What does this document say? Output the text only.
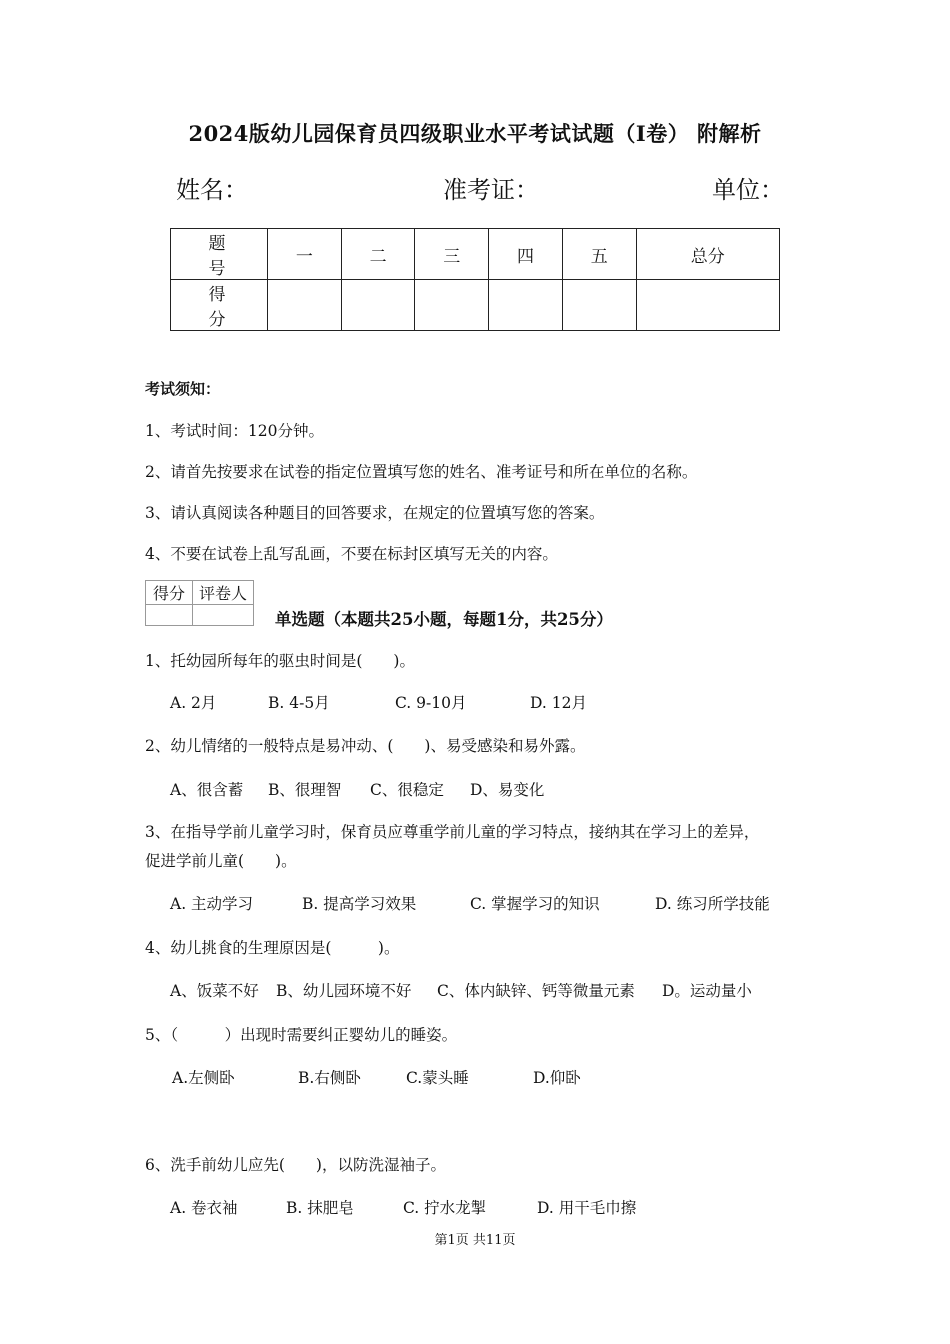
2024版幼儿园保育员四级职业水平考试试题（I卷） 附解析
姓名：	准考证：	单位：
题　号	一	二	三	四	五	总分
得　分						
考试须知：
1、考试时间：120分钟。
2、请首先按要求在试卷的指定位置填写您的姓名、准考证号和所在单位的名称。
3、请认真阅读各种题目的回答要求，在规定的位置填写您的答案。
4、不要在试卷上乱写乱画，不要在标封区填写无关的内容。
得分	评卷人

单选题（本题共25小题，每题1分，共25分）
1、托幼园所每年的驱虫时间是(　　)。
A. 2月	B. 4-5月	C. 9-10月	D. 12月
2、幼儿情绪的一般特点是易冲动、(　　)、易受感染和易外露。
A、很含蓄 B、很理智 C、很稳定 D、易变化
3、在指导学前儿童学习时，保育员应尊重学前儿童的学习特点，接纳其在学习上的差异，
促进学前儿童(　　)。
A. 主动学习	B. 提高学习效果	C. 掌握学习的知识	D. 练习所学技能
4、幼儿挑食的生理原因是(　　　)。
A、饭菜不好 B、幼儿园环境不好 C、体内缺锌、钙等微量元素 D。运动量小
5、（　　　）出现时需要纠正婴幼儿的睡姿。
A.左侧卧	B.右侧卧	C.蒙头睡	D.仰卧
6、洗手前幼儿应先(　　)，以防洗湿袖子。
A. 卷衣袖	B. 抹肥皂	C. 拧水龙掣	D. 用干毛巾擦
第1页 共11页
